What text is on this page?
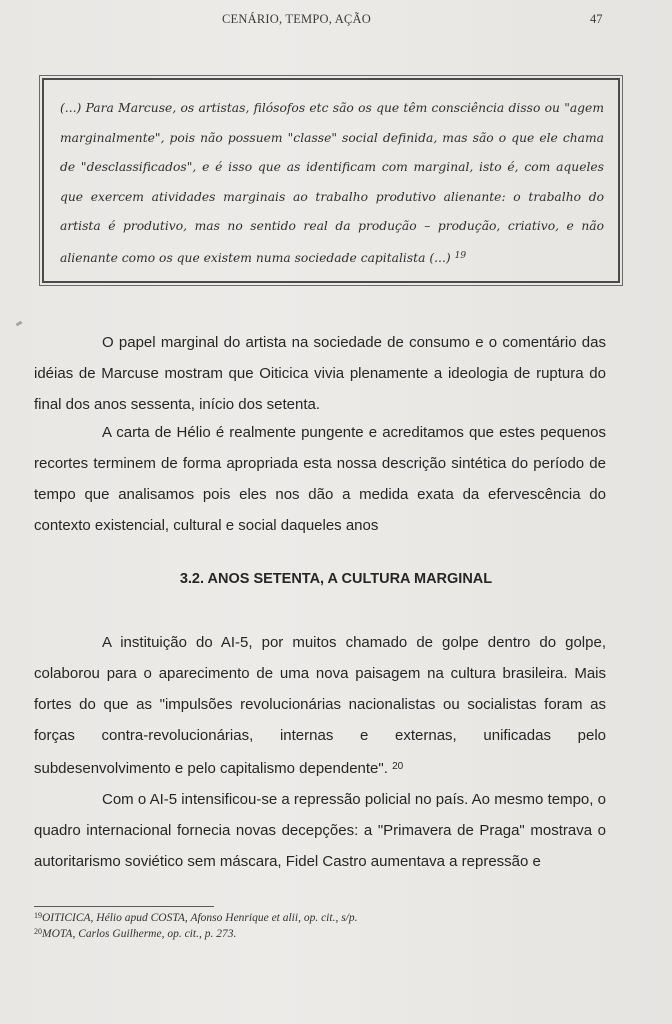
CENÁRIO, TEMPO, AÇÃO	47

(...) Para Marcuse, os artistas, filósofos etc são os que têm consciência disso ou "agem marginalmente", pois não possuem "classe" social definida, mas são o que ele chama de "desclassificados", e é isso que as identificam com marginal, isto é, com aqueles que exercem atividades marginais ao trabalho produtivo alienante: o trabalho do artista é produtivo, mas no sentido real da produção – produção, criativo, e não alienante como os que existem numa sociedade capitalista (...) $^{19}$

O papel marginal do artista na sociedade de consumo e o comentário das idéias de Marcuse mostram que Oiticica vivia plenamente a ideologia de ruptura do final dos anos sessenta, início dos setenta.

A carta de Hélio é realmente pungente e acreditamos que estes pequenos recortes terminem de forma apropriada esta nossa descrição sintética do período de tempo que analisamos pois eles nos dão a medida exata da efervescência do contexto existencial, cultural e social daqueles anos

3.2. ANOS SETENTA, A CULTURA MARGINAL

A instituição do AI-5, por muitos chamado de golpe dentro do golpe, colaborou para o aparecimento de uma nova paisagem na cultura brasileira. Mais fortes do que as "impulsões revolucionárias nacionalistas ou socialistas foram as forças contra-revolucionárias, internas e externas, unificadas pelo subdesenvolvimento e pelo capitalismo dependente". $^{20}$

Com o AI-5 intensificou-se a repressão policial no país. Ao mesmo tempo, o quadro internacional fornecia novas decepções: a "Primavera de Praga" mostrava o autoritarismo soviético sem máscara, Fidel Castro aumentava a repressão e

$^{19}$OITICICA, Hélio apud COSTA, Afonso Henrique et alii, op. cit., s/p.
$^{20}$MOTA, Carlos Guilherme, op. cit., p. 273.
